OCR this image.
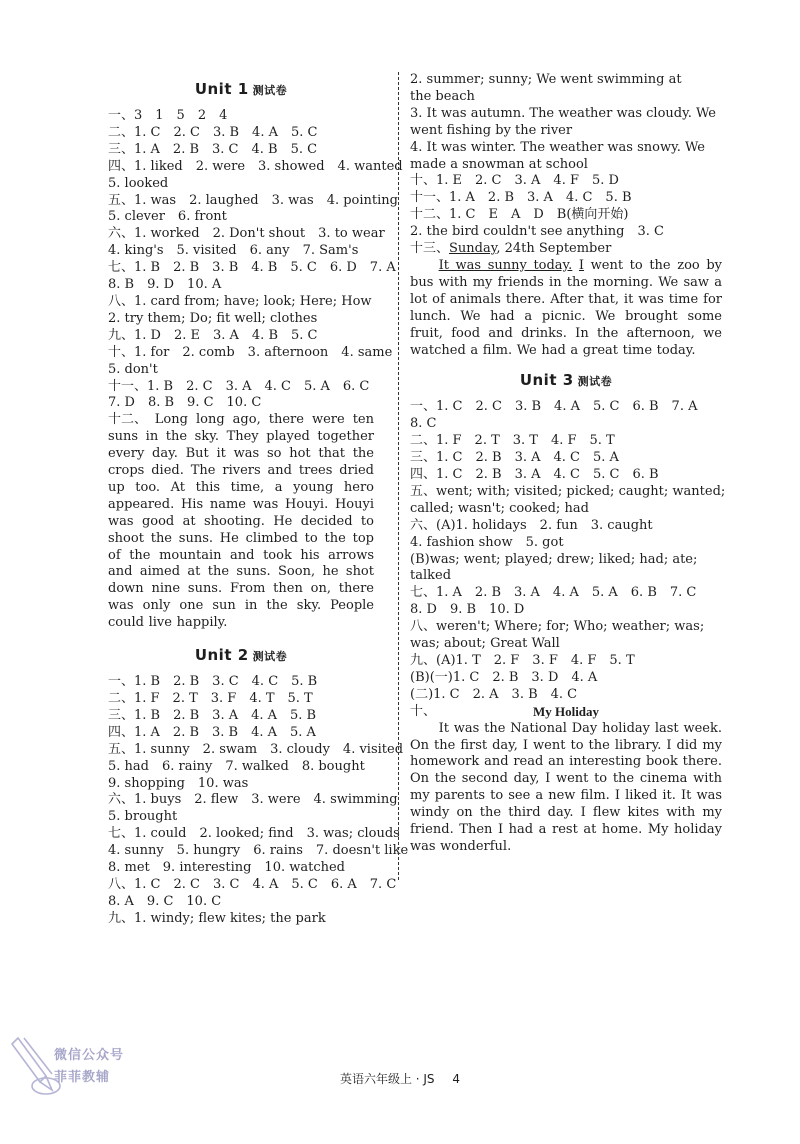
Unit 1 测试卷
一、3　1　5　2　4
二、1. C　2. C　3. B　4. A　5. C
三、1. A　2. B　3. C　4. B　5. C
四、1. liked　2. were　3. showed　4. wanted
5. looked
五、1. was　2. laughed　3. was　4. pointing
5. clever　6. front
六、1. worked　2. Don't shout　3. to wear
4. king's　5. visited　6. any　7. Sam's
七、1. B　2. B　3. B　4. B　5. C　6. D　7. A
8. B　9. D　10. A
八、1. card from; have; look; Here; How
2. try them; Do; fit well; clothes
九、1. D　2. E　3. A　4. B　5. C
十、1. for　2. comb　3. afternoon　4. same
5. don't
十一、1. B　2. C　3. A　4. C　5. A　6. C
7. D　8. B　9. C　10. C
十二、 Long long ago, there were ten suns in the sky. They played together every day. But it was so hot that the crops died. The rivers and trees dried up too. At this time, a young hero appeared. His name was Houyi. Houyi was good at shooting. He decided to shoot the suns. He climbed to the top of the mountain and took his arrows and aimed at the suns. Soon, he shot down nine suns. From then on, there was only one sun in the sky. People could live happily.
Unit 2 测试卷
一、1. B　2. B　3. C　4. C　5. B
二、1. F　2. T　3. F　4. T　5. T
三、1. B　2. B　3. A　4. A　5. B
四、1. A　2. B　3. B　4. A　5. A
五、1. sunny　2. swam　3. cloudy　4. visited
5. had　6. rainy　7. walked　8. bought
9. shopping　10. was
六、1. buys　2. flew　3. were　4. swimming
5. brought
七、1. could　2. looked; find　3. was; clouds
4. sunny　5. hungry　6. rains　7. doesn't like
8. met　9. interesting　10. watched
八、1. C　2. C　3. C　4. A　5. C　6. A　7. C
8. A　9. C　10. C
九、1. windy; flew kites; the park
2. summer; sunny; We went swimming at
the beach
3. It was autumn. The weather was cloudy. We
went fishing by the river
4. It was winter. The weather was snowy. We
made a snowman at school
十、1. E　2. C　3. A　4. F　5. D
十一、1. A　2. B　3. A　4. C　5. B
十二、1. C　E　A　D　B(横向开始)
2. the bird couldn't see anything　3. C
十三、Sunday, 24th September
It was sunny today. I went to the zoo by bus with my friends in the morning. We saw a lot of animals there. After that, it was time for lunch. We had a picnic. We brought some fruit, food and drinks. In the afternoon, we watched a film. We had a great time today.
Unit 3 测试卷
一、1. C　2. C　3. B　4. A　5. C　6. B　7. A
8. C
二、1. F　2. T　3. T　4. F　5. T
三、1. C　2. B　3. A　4. C　5. A
四、1. C　2. B　3. A　4. C　5. C　6. B
五、went; with; visited; picked; caught; wanted;
called; wasn't; cooked; had
六、(A)1. holidays　2. fun　3. caught
4. fashion show　5. got
(B)was; went; played; drew; liked; had; ate;
talked
七、1. A　2. B　3. A　4. A　5. A　6. B　7. C
8. D　9. B　10. D
八、weren't; Where; for; Who; weather; was;
was; about; Great Wall
九、(A)1. T　2. F　3. F　4. F　5. T
(B)(一)1. C　2. B　3. D　4. A
(二)1. C　2. A　3. B　4. C
十、	My Holiday
It was the National Day holiday last week. On the first day, I went to the library. I did my homework and read an interesting book there. On the second day, I went to the cinema with my parents to see a new film. I liked it. It was windy on the third day. I flew kites with my friend. Then I had a rest at home. My holiday was wonderful.
英语六年级上 · JS 4
微信公众号
菲菲教辅
